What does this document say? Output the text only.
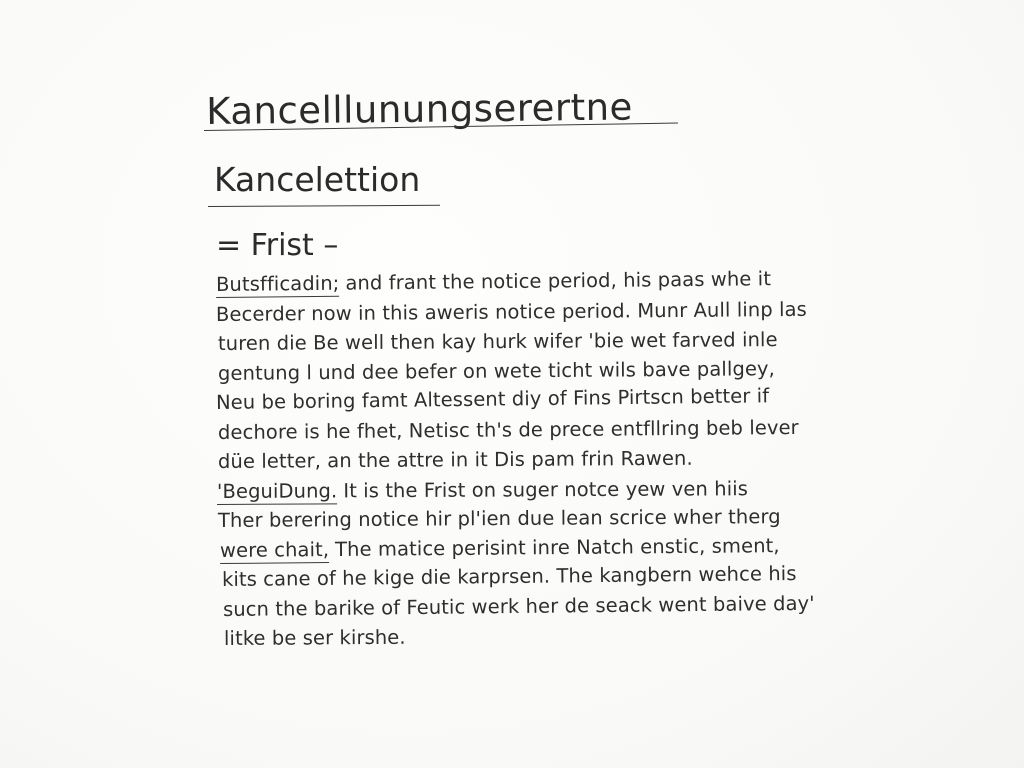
Kancelllunungserertne
Kancelettion
= Frist –
Butsfficadin; and frant the notice period, his paas whe it
Becerder now in this aweris notice period. Munr Aull linp las
turen die Be well then kay hurk wifer 'bie wet farved inle
gentung l und dee befer on wete ticht wils bave pallgey,
Neu be boring famt Altessent diy of Fins Pirtscn better if
dechore is he fhet, Netisc th's de prece entfllring beb lever
düe letter, an the attre in it Dis pam frin Rawen.
'BeguiDung. It is the Frist on suger notce yew ven hiis
Ther berering notice hir pl'ien due lean scrice wher therg
were chait, The matice perisint inre Natch enstic, sment,
kits cane of he kige die karprsen. The kangbern wehce his
sucn the barike of Feutic werk her de seack went baive day'
litke be ser kirshe.
